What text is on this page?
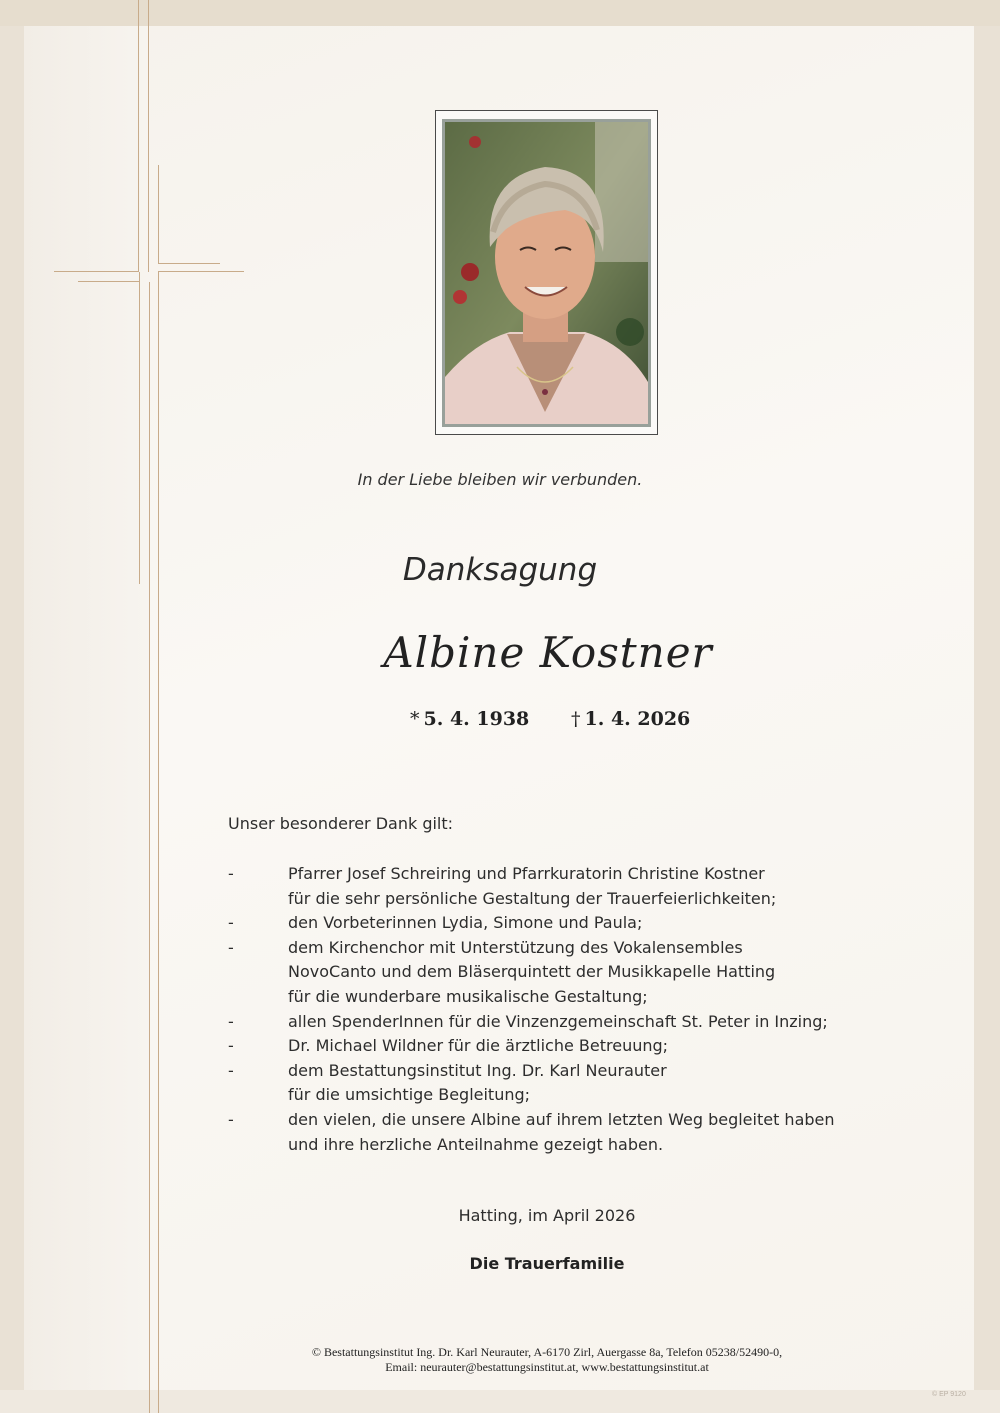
In der Liebe bleiben wir verbunden.
Danksagung
Albine Kostner
* 5. 4. 1938 † 1. 4. 2026
Unser besonderer Dank gilt:
-	Pfarrer Josef Schreiring und Pfarrkuratorin Christine Kostner
für die sehr persönliche Gestaltung der Trauerfeierlichkeiten;
-	den Vorbeterinnen Lydia, Simone und Paula;
-	dem Kirchenchor mit Unterstützung des Vokalensembles
NovoCanto und dem Bläserquintett der Musikkapelle Hatting
für die wunderbare musikalische Gestaltung;
-	allen SpenderInnen für die Vinzenzgemeinschaft St. Peter in Inzing;
-	Dr. Michael Wildner für die ärztliche Betreuung;
-	dem Bestattungsinstitut Ing. Dr. Karl Neurauter
für die umsichtige Begleitung;
-	den vielen, die unsere Albine auf ihrem letzten Weg begleitet haben
und ihre herzliche Anteilnahme gezeigt haben.
Hatting, im April 2026
Die Trauerfamilie
© Bestattungsinstitut Ing. Dr. Karl Neurauter, A-6170 Zirl, Auergasse 8a, Telefon 05238/52490-0,
Email: neurauter@bestattungsinstitut.at, www.bestattungsinstitut.at
© EP 9120
